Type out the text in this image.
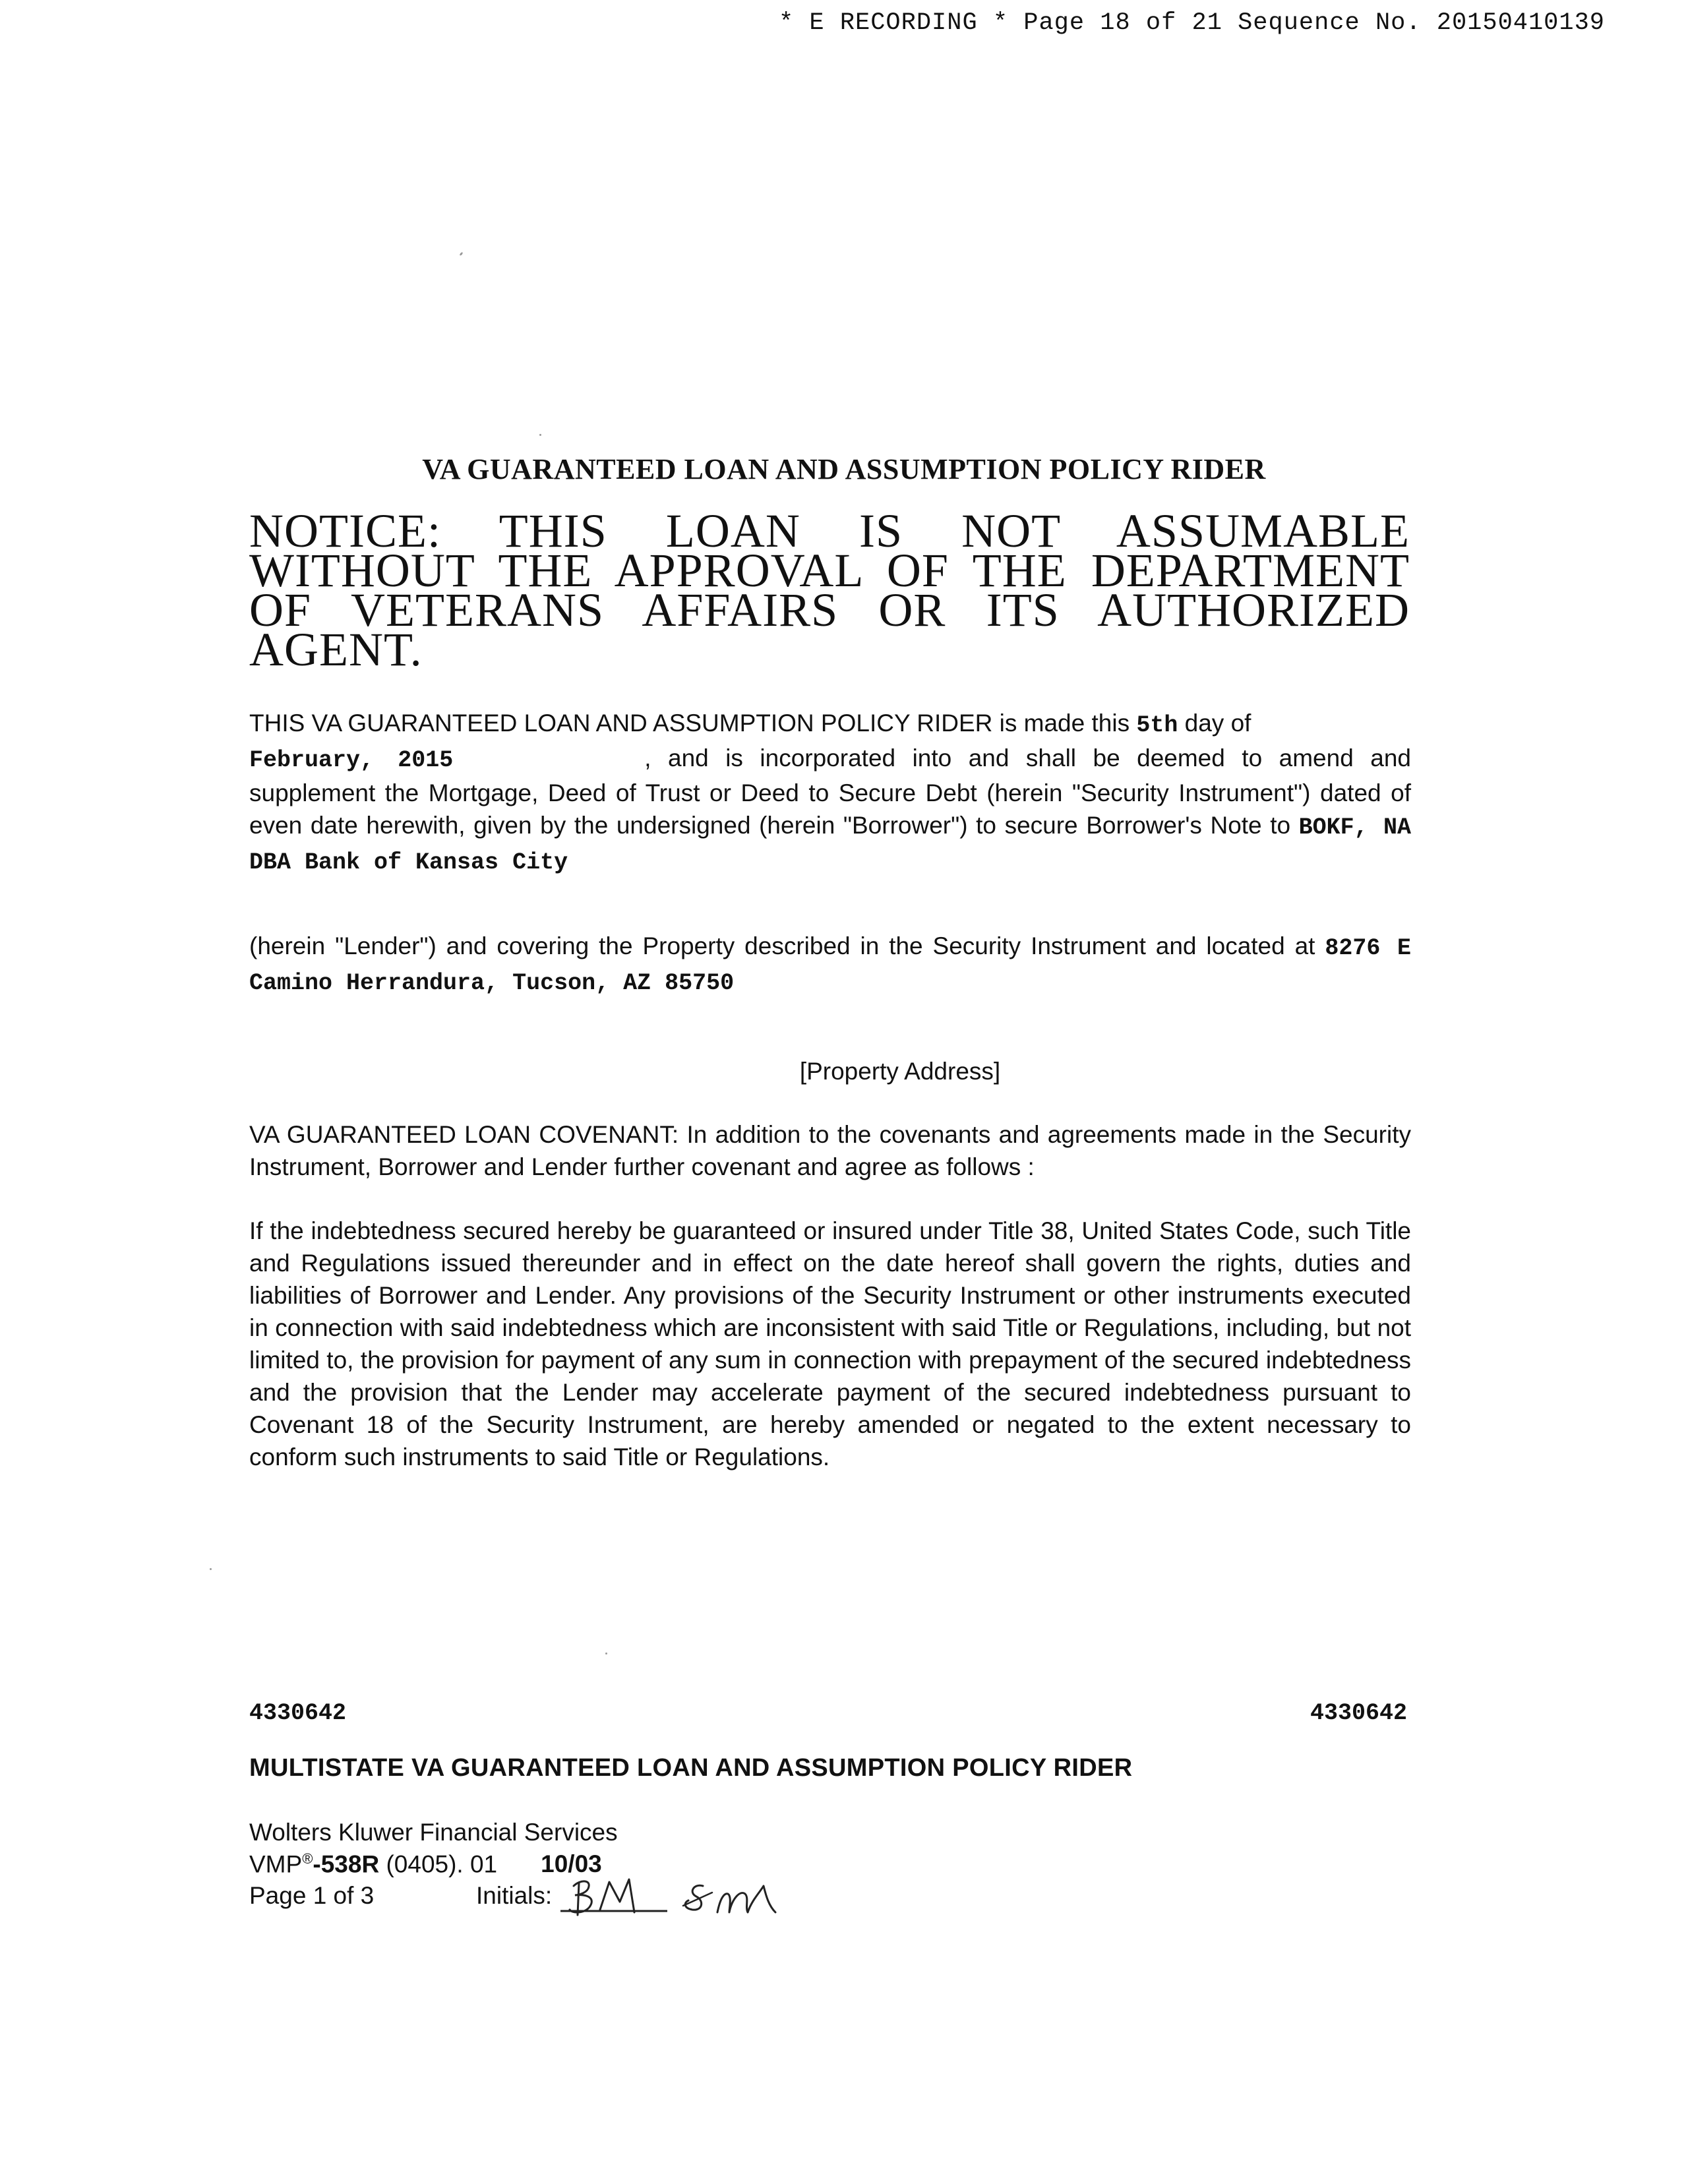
* E RECORDING * Page 18 of 21 Sequence No. 20150410139
VA GUARANTEED LOAN AND ASSUMPTION POLICY RIDER
NOTICE: THIS LOAN IS NOT ASSUMABLE WITHOUT THE APPROVAL OF THE DEPARTMENT OF VETERANS AFFAIRS OR ITS AUTHORIZED AGENT.
THIS VA GUARANTEED LOAN AND ASSUMPTION POLICY RIDER is made this 5th day of
February, 2015	, and is incorporated into and shall be deemed to amend and supplement the Mortgage, Deed of Trust or Deed to Secure Debt (herein "Security Instrument") dated of even date herewith, given by the undersigned (herein "Borrower") to secure Borrower's Note to BOKF, NA DBA Bank of Kansas City
(herein "Lender") and covering the Property described in the Security Instrument and located at 8276 E Camino Herrandura, Tucson, AZ 85750
[Property Address]
VA GUARANTEED LOAN COVENANT: In addition to the covenants and agreements made in the Security Instrument, Borrower and Lender further covenant and agree as follows :
If the indebtedness secured hereby be guaranteed or insured under Title 38, United States Code, such Title and Regulations issued thereunder and in effect on the date hereof shall govern the rights, duties and liabilities of Borrower and Lender. Any provisions of the Security Instrument or other instruments executed in connection with said indebtedness which are inconsistent with said Title or Regulations, including, but not limited to, the provision for payment of any sum in connection with prepayment of the secured indebtedness and the provision that the Lender may accelerate payment of the secured indebtedness pursuant to Covenant 18 of the Security Instrument, are hereby amended or negated to the extent necessary to conform such instruments to said Title or Regulations.
4330642	4330642
MULTISTATE VA GUARANTEED LOAN AND ASSUMPTION POLICY RIDER
Wolters Kluwer Financial Services
VMP®-538R (0405). 01 10/03
Page 1 of 3	Initials:
